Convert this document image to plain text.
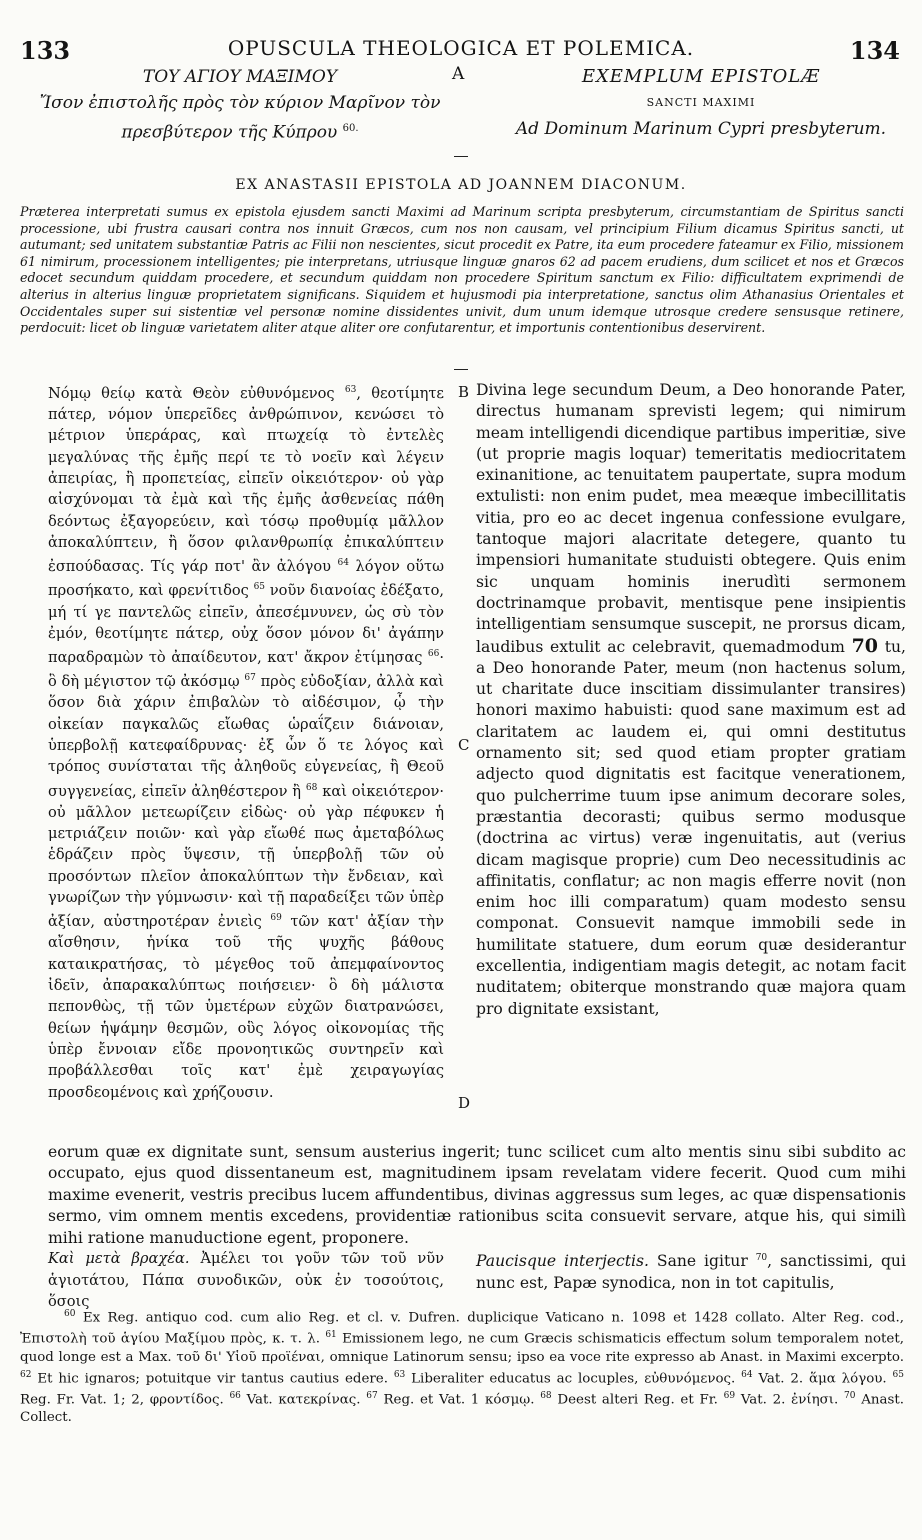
133	OPUSCULA THEOLOGICA ET POLEMICA.	134
ΤΟΥ ΑΓΙΟΥ ΜΑΞΙΜΟΥ
Ἴσον ἐπιστολῆς πρὸς τὸν κύριον Μαρῖνον τὸν
πρεσβύτερον τῆς Κύπρου $^{60.}$
A	EXEMPLUM EPISTOLÆ
SANCTI MAXIMI
Ad Dominum Marinum Cypri presbyterum.
EX ANASTASII EPISTOLA AD JOANNEM DIACONUM.
Præterea interpretati sumus ex epistola ejusdem sancti Maximi ad Marinum scripta presbyterum, circumstantiam de Spiritus sancti processione, ubi frustra causari contra nos innuit Græcos, cum nos non causam, vel principium Filium dicamus Spiritus sancti, ut autumant; sed unitatem substantiæ Patris ac Filii non nescientes, sicut procedit ex Patre, ita eum procedere fateamur ex Filio, missionem 61 nimirum, processionem intelligentes; pie interpretans, utriusque linguæ gnaros 62 ad pacem erudiens, dum scilicet et nos et Græcos edocet secundum quiddam procedere, et secundum quiddam non procedere Spiritum sanctum ex Filio: difficultatem exprimendi de alterius in alterius linguæ proprietatem significans. Siquidem et hujusmodi pia interpretatione, sanctus olim Athanasius Orientales et Occidentales super sui sistentiæ vel personæ nomine dissidentes univit, dum unum idemque utrosque credere sensusque retinere, perdocuit: licet ob linguæ varietatem aliter atque aliter ore confutarentur, et importunis contentionibus deservirent.

Νόμῳ θείῳ κατὰ Θεὸν εὐθυνόμενος $^{63}$, θεοτίμητε πάτερ, νόμον ὑπερεῖδες ἀνθρώπινον, κενώσει τὸ μέτριον ὑπεράρας, καὶ πτωχείᾳ τὸ ἐντελὲς μεγαλύνας τῆς ἐμῆς περί τε τὸ νοεῖν καὶ λέγειν ἀπειρίας, ἢ προπετείας, εἰπεῖν οἰκειότερον· οὐ γὰρ αἰσχύνομαι τὰ ἐμὰ καὶ τῆς ἐμῆς ἀσθενείας πάθη δεόντως ἐξαγορεύειν, καὶ τόσῳ προθυμίᾳ μᾶλλον ἀποκαλύπτειν, ἢ ὅσον φιλανθρωπίᾳ ἐπικαλύπτειν ἐσπούδασας. Τίς γάρ ποτ' ἂν ἀλόγου $^{64}$ λόγον οὕτω προσήκατο, καὶ φρενίτιδος $^{65}$ νοῦν διανοίας ἐδέξατο, μή τί γε παντελῶς εἰπεῖν, ἀπεσέμνυνεν, ὡς σὺ τὸν ἐμόν, θεοτίμητε πάτερ, οὐχ ὅσον μόνον δι' ἀγάπην παραδραμὼν τὸ ἀπαίδευτον, κατ' ἄκρον ἐτίμησας $^{66}$· ὃ δὴ μέγιστον τῷ ἀκόσμῳ $^{67}$ πρὸς εὐδοξίαν, ἀλλὰ καὶ ὅσον διὰ χάριν ἐπιβαλὼν τὸ αἰδέσιμον, ᾧ τὴν οἰκείαν παγκαλῶς εἴωθας ὡραΐζειν διάνοιαν, ὑπερβολῇ κατεφαίδρυνας· ἐξ ὧν ὅ τε λόγος καὶ τρόπος συνίσταται τῆς ἀληθοῦς εὐγενείας, ἢ Θεοῦ συγγενείας, εἰπεῖν ἀληθέστερον ἢ $^{68}$ καὶ οἰκειότερον· οὐ μᾶλλον μετεωρίζειν εἰδὼς· οὐ γὰρ πέφυκεν ἡ μετριάζειν ποιῶν· καὶ γὰρ εἴωθέ πως ἀμεταβόλως ἑδράζειν πρὸς ὕψεσιν, τῇ ὑπερβολῇ τῶν οὐ προσόντων πλεῖον ἀποκαλύπτων τὴν ἔνδειαν, καὶ γνωρίζων τὴν γύμνωσιν· καὶ τῇ παραδείξει τῶν ὑπὲρ ἀξίαν, αὐστηροτέραν ἐνιεὶς $^{69}$ τῶν κατ' ἀξίαν τὴν αἴσθησιν, ἡνίκα τοῦ τῆς ψυχῆς βάθους καταικρατήσας, τὸ μέγεθος τοῦ ἀπεμφαίνοντος ἰδεῖν, ἀπαρακαλύπτως ποιήσειεν· ὃ δὴ μάλιστα πεπονθὼς, τῇ τῶν ὑμετέρων εὐχῶν διατρανώσει, θείων ἡψάμην θεσμῶν, οὓς λόγος οἰκονομίας τῆς ὑπὲρ ἔννοιαν εἴδε προνοητικῶς συντηρεῖν καὶ προβάλλεσθαι τοῖς κατ' ἐμὲ χειραγωγίας προσδεομένοις καὶ χρήζουσιν.

B
C
D

Divina lege secundum Deum, a Deo honorande Pater, directus humanam sprevisti legem; qui nimirum meam intelligendi dicendique partibus imperitiæ, sive (ut proprie magis loquar) temeritatis mediocritatem exinanitione, ac tenuitatem paupertate, supra modum extulisti: non enim pudet, mea meæque imbecillitatis vitia, pro eo ac decet ingenua confessione evulgare, tantoque majori alacritate detegere, quanto tu impensiori humanitate studuisti obtegere. Quis enim sic unquam hominis inerudìti sermonem doctrinamque probavit, mentisque pene insipientis intelligentiam sensumque suscepit, ne prorsus dicam, laudibus extulit ac celebravit, quemadmodum 70 tu, a Deo honorande Pater, meum (non hactenus solum, ut charitate duce inscitiam dissimulanter transires) honori maximo habuisti: quod sane maximum est ad claritatem ac laudem ei, qui omni destitutus ornamento sit; sed quod etiam propter gratiam adjecto quod dignitatis est facitque venerationem, quo pulcherrime tuum ipse animum decorare soles, præstantia decorasti; quibus sermo modusque (doctrina ac virtus) veræ ingenuitatis, aut (verius dicam magisque proprie) cum Deo necessitudinis ac affinitatis, conflatur; ac non magis efferre novit (non enim hoc illi comparatum) quam modesto sensu componat. Consuevit namque immobili sede in humilitate statuere, dum eorum quæ desiderantur excellentia, indigentiam magis detegit, ac notam facit nuditatem; obiterque monstrando quæ majora quam pro dignitate exsistant,

eorum quæ ex dignitate sunt, sensum austerius ingerit; tunc scilicet cum alto mentis sinu sibi subdito ac occupato, ejus quod dissentaneum est, magnitudinem ipsam revelatam videre fecerit. Quod cum mihi maxime evenerit, vestris precibus lucem affundentibus, divinas aggressus sum leges, ac quæ dispensationis sermo, vim omnem mentis excedens, providentiæ rationibus scita consuevit servare, atque his, qui similì mihi ratione manuductione egent, proponere.

Καὶ μετὰ βραχέα. Ἀμέλει τοι γοῦν τῶν τοῦ νῦν ἁγιοτάτου, Πάπα συνοδικῶν, οὐκ ἐν τοσούτοις, ὅσοις

Paucisque interjectis. Sane igitur $^{70}$, sanctissimi, qui nunc est, Papæ synodica, non in tot capitulis,

$^{60}$ Ex Reg. antiquo cod. cum alio Reg. et cl. v. Dufren. duplicique Vaticano n. 1098 et 1428 collato. Alter Reg. cod., Ἐπιστολὴ τοῦ ἁγίου Μαξίμου πρὸς, κ. τ. λ. $^{61}$ Emissionem lego, ne cum Græcis schismaticis effectum solum temporalem notet, quod longe est a Max. τοῦ δι' Υἱοῦ προϊέναι, omnique Latinorum sensu; ipso ea voce rite expresso ab Anast. in Maximi excerpto. $^{62}$ Et hic ignaros; potuitque vir tantus cautius edere. $^{63}$ Liberaliter educatus ac locuples, εὐθυνόμενος. $^{64}$ Vat. 2. ἅμα λόγου. $^{65}$ Reg. Fr. Vat. 1; 2, φροντίδος. $^{66}$ Vat. κατεκρίνας. $^{67}$ Reg. et Vat. 1 κόσμῳ. $^{68}$ Deest alteri Reg. et Fr. $^{69}$ Vat. 2. ἐνίησι. $^{70}$ Anast. Collect.
